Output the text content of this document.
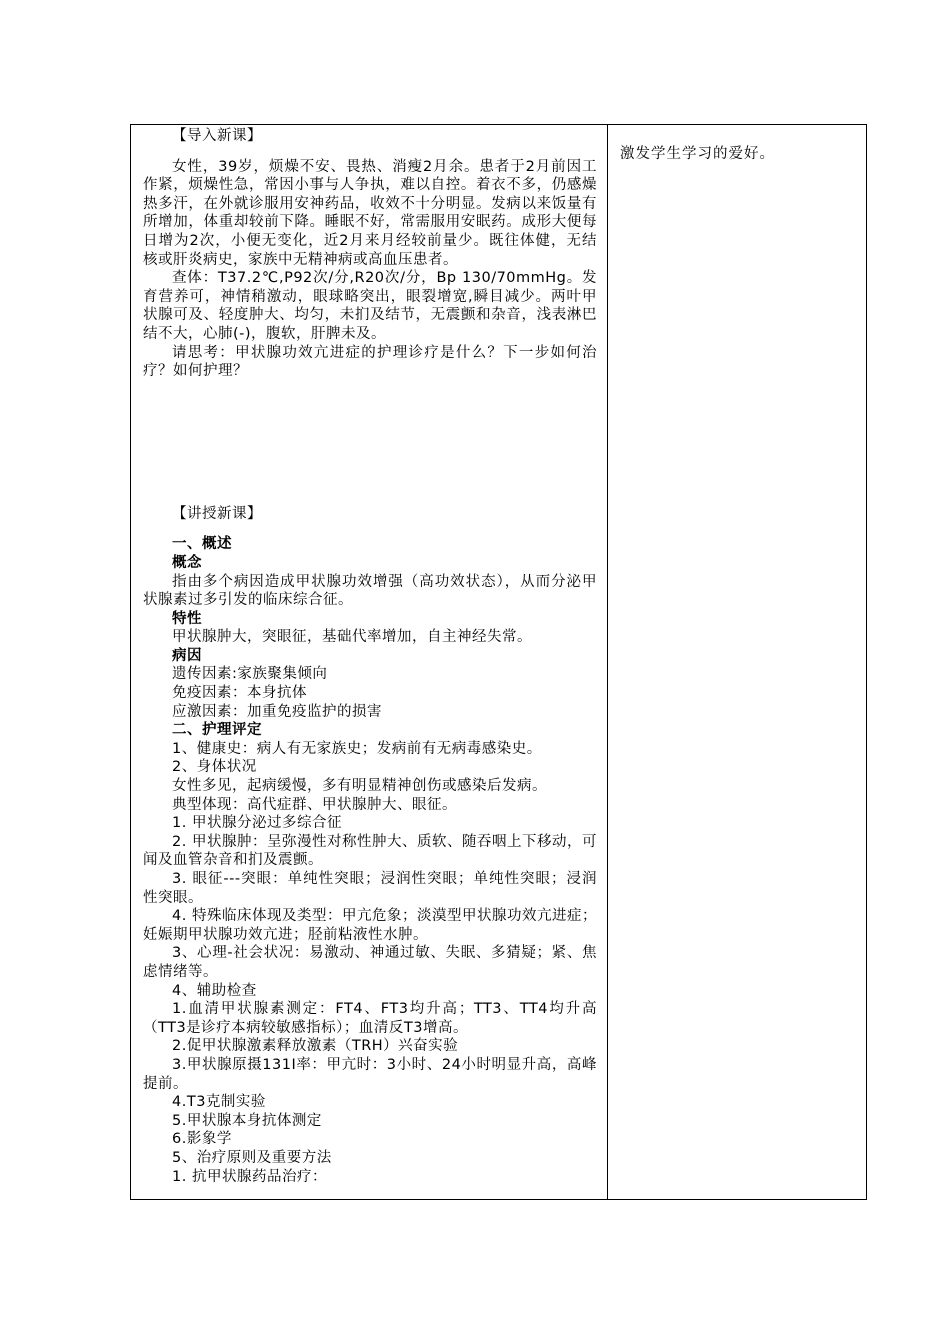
【导入新课】

女性，39岁，烦燥不安、畏热、消瘦2月余。患者于2月前因工作紧，烦燥性急，常因小事与人争执，难以自控。着衣不多，仍感燥热多汗，在外就诊服用安神药品，收效不十分明显。发病以来饭量有所增加，体重却较前下降。睡眠不好，常需服用安眠药。成形大便每日增为2次，小便无变化，近2月来月经较前量少。既往体健，无结核或肝炎病史，家族中无精神病或高血压患者。

查体：T37.2℃,P92次/分,R20次/分，Bp 130/70mmHg。发育营养可，神情稍激动，眼球略突出，眼裂增宽,瞬目减少。两叶甲状腺可及、轻度肿大、均匀，未扪及结节，无震颤和杂音，浅表淋巴结不大，心肺(-)，腹软，肝脾未及。

请思考：甲状腺功效亢进症的护理诊疗是什么？下一步如何治疗？如何护理？

【讲授新课】

一、概述

概念

指由多个病因造成甲状腺功效增强（高功效状态），从而分泌甲状腺素过多引发的临床综合征。

特性

甲状腺肿大，突眼征，基础代率增加，自主神经失常。

病因

遗传因素:家族聚集倾向

免疫因素：本身抗体

应激因素：加重免疫监护的损害

二、护理评定

1、健康史：病人有无家族史；发病前有无病毒感染史。

2、身体状况

女性多见，起病缓慢，多有明显精神创伤或感染后发病。

典型体现：高代症群、甲状腺肿大、眼征。

1. 甲状腺分泌过多综合征

2. 甲状腺肿：呈弥漫性对称性肿大、质软、随吞咽上下移动，可闻及血管杂音和扪及震颤。

3. 眼征---突眼：单纯性突眼；浸润性突眼；单纯性突眼；浸润性突眼。

4. 特殊临床体现及类型：甲亢危象；淡漠型甲状腺功效亢进症；妊娠期甲状腺功效亢进；胫前粘液性水肿。

3、心理-社会状况：易激动、神通过敏、失眠、多猜疑；紧、焦虑情绪等。

4、辅助检查

1.血清甲状腺素测定：FT4、FT3均升高；TT3、TT4均升高（TT3是诊疗本病较敏感指标）；血清反T3增高。

2.促甲状腺激素释放激素（TRH）兴奋实验

3.甲状腺原摄131I率：甲亢时：3小时、24小时明显升高，高峰提前。

4.T3克制实验

5.甲状腺本身抗体测定

6.影象学

5、治疗原则及重要方法

1. 抗甲状腺药品治疗：

激发学生学习的爱好。
